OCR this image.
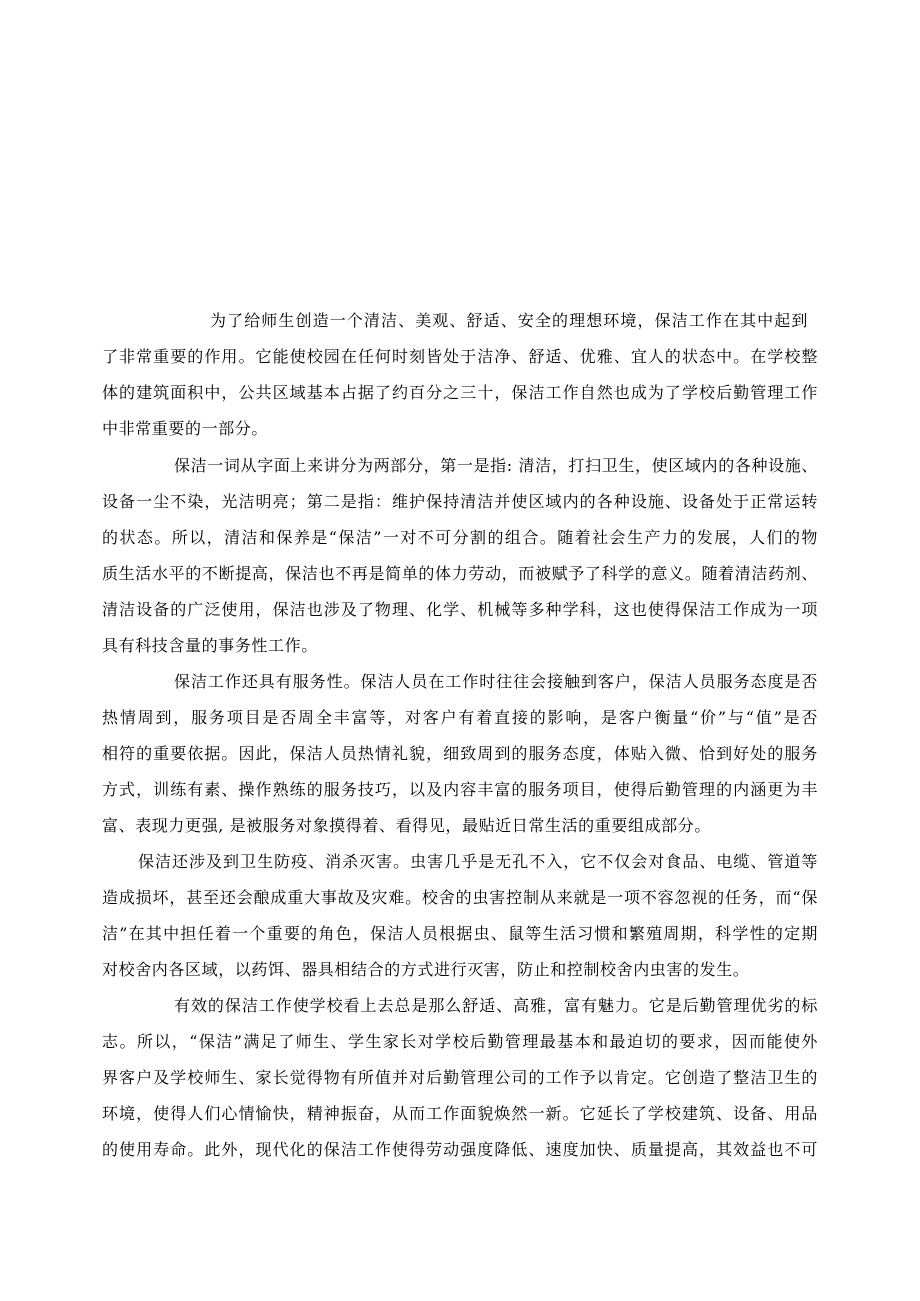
为了给师生创造一个清洁、美观、舒适、安全的理想环境，保洁工作在其中起到
了非常重要的作用。它能使校园在任何时刻皆处于洁净、舒适、优雅、宜人的状态中。在学校整
体的建筑面积中，公共区域基本占据了约百分之三十，保洁工作自然也成为了学校后勤管理工作
中非常重要的一部分。
保洁一词从字面上来讲分为两部分，第一是指: 清洁，打扫卫生，使区域内的各种设施、
设备一尘不染，光洁明亮；第二是指：维护保持清洁并使区域内的各种设施、设备处于正常运转
的状态。所以，清洁和保养是“保洁”一对不可分割的组合。随着社会生产力的发展，人们的物
质生活水平的不断提高，保洁也不再是简单的体力劳动，而被赋予了科学的意义。随着清洁药剂、
清洁设备的广泛使用，保洁也涉及了物理、化学、机械等多种学科，这也使得保洁工作成为一项
具有科技含量的事务性工作。
保洁工作还具有服务性。保洁人员在工作时往往会接触到客户，保洁人员服务态度是否
热情周到，服务项目是否周全丰富等，对客户有着直接的影响，是客户衡量“价”与“值”是否
相符的重要依据。因此，保洁人员热情礼貌，细致周到的服务态度，体贴入微、恰到好处的服务
方式，训练有素、操作熟练的服务技巧，以及内容丰富的服务项目，使得后勤管理的内涵更为丰
富、表现力更强, 是被服务对象摸得着、看得见，最贴近日常生活的重要组成部分。
保洁还涉及到卫生防疫、消杀灭害。虫害几乎是无孔不入，它不仅会对食品、电缆、管道等
造成损坏，甚至还会酿成重大事故及灾难。校舍的虫害控制从来就是一项不容忽视的任务，而“保
洁”在其中担任着一个重要的角色，保洁人员根据虫、鼠等生活习惯和繁殖周期，科学性的定期
对校舍内各区域，以药饵、器具相结合的方式进行灭害，防止和控制校舍内虫害的发生。
有效的保洁工作使学校看上去总是那么舒适、高雅，富有魅力。它是后勤管理优劣的标
志。所以，“保洁”满足了师生、学生家长对学校后勤管理最基本和最迫切的要求，因而能使外
界客户及学校师生、家长觉得物有所值并对后勤管理公司的工作予以肯定。它创造了整洁卫生的
环境，使得人们心情愉快，精神振奋，从而工作面貌焕然一新。它延长了学校建筑、设备、用品
的使用寿命。此外，现代化的保洁工作使得劳动强度降低、速度加快、质量提高，其效益也不可
